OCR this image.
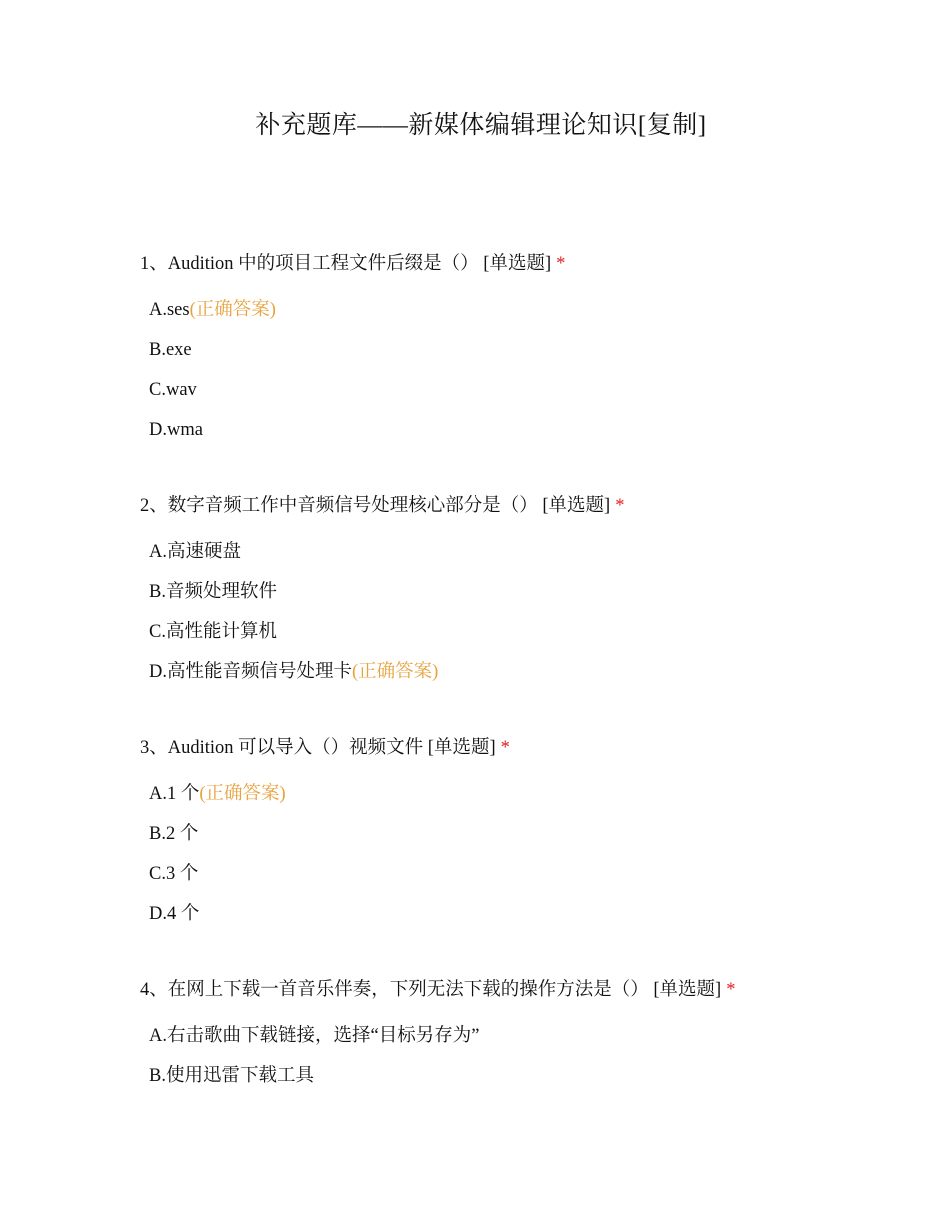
补充题库——新媒体编辑理论知识[复制]
1、Audition 中的项目工程文件后缀是（） [单选题] *
A.ses(正确答案)
B.exe
C.wav
D.wma
2、数字音频工作中音频信号处理核心部分是（） [单选题] *
A.高速硬盘
B.音频处理软件
C.高性能计算机
D.高性能音频信号处理卡(正确答案)
3、Audition 可以导入（）视频文件 [单选题] *
A.1 个(正确答案)
B.2 个
C.3 个
D.4 个
4、在网上下载一首音乐伴奏，下列无法下载的操作方法是（） [单选题] *
A.右击歌曲下载链接，选择“目标另存为”
B.使用迅雷下载工具
